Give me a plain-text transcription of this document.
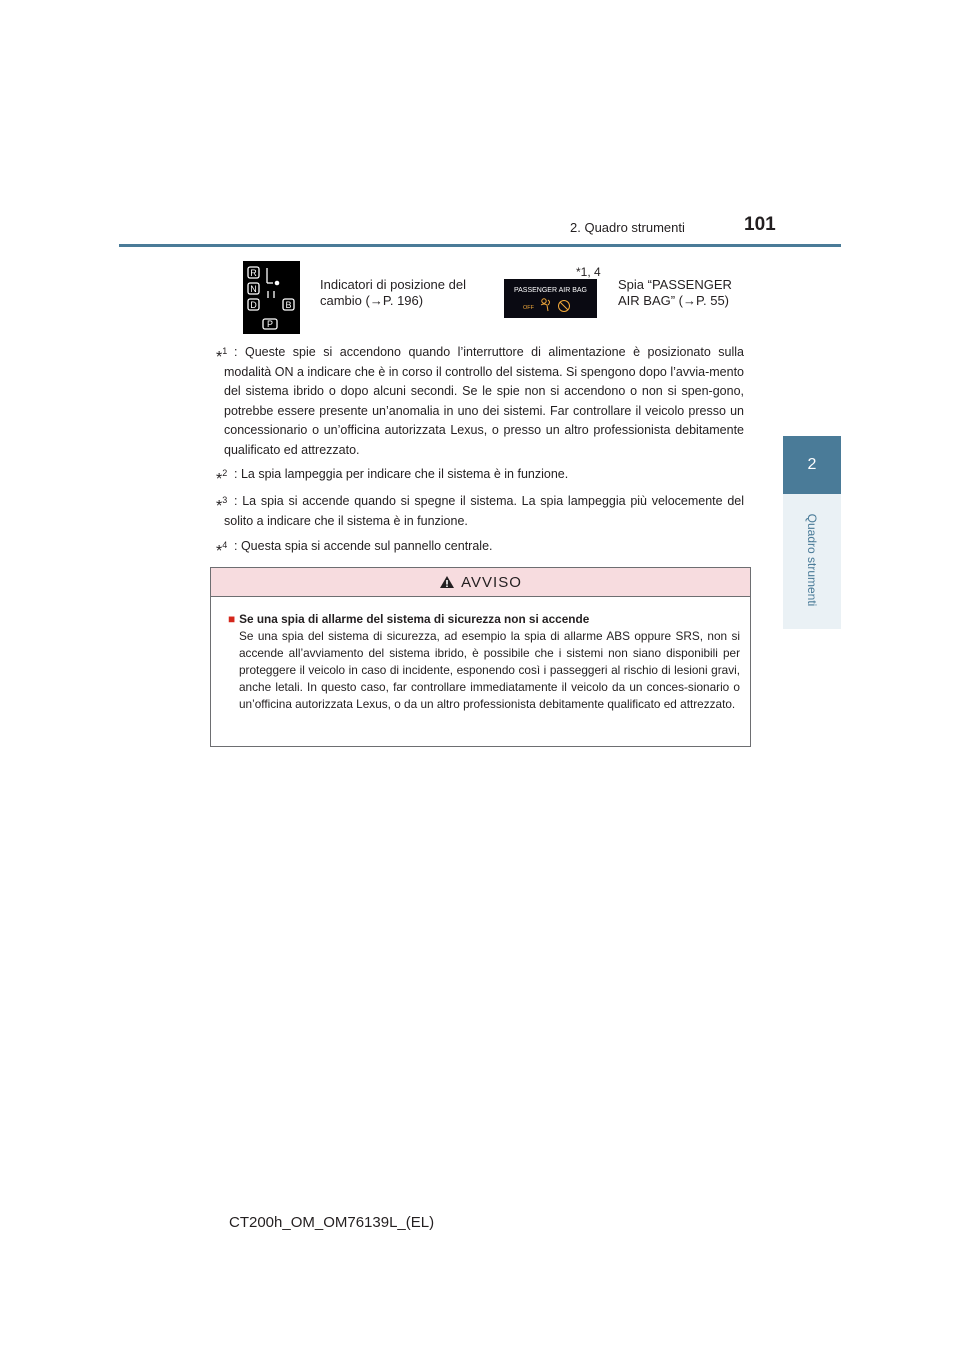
2. Quadro strumenti	101
2
Quadro strumenti
R
N
D	B
P
Indicatori di posizione del
cambio (→P. 196)
*1, 4
PASSENGER AIR BAG
OFF
Spia “PASSENGER
AIR BAG” (→P. 55)
*$^1$ : Queste spie si accendono quando l’interruttore di alimentazione è posizionato sulla modalità ON a indicare che è in corso il controllo del sistema. Si spengono dopo l’avvia-mento del sistema ibrido o dopo alcuni secondi. Se le spie non si accendono o non si spen-gono, potrebbe essere presente un’anomalia in uno dei sistemi. Far controllare il veicolo presso un concessionario o un’officina autorizzata Lexus, o presso un altro professionista debitamente qualificato ed attrezzato.
*$^2$ : La spia lampeggia per indicare che il sistema è in funzione.
*$^3$ : La spia si accende quando si spegne il sistema. La spia lampeggia più velocemente del solito a indicare che il sistema è in funzione.
*$^4$ : Questa spia si accende sul pannello centrale.
AVVISO
■ Se una spia di allarme del sistema di sicurezza non si accende
Se una spia del sistema di sicurezza, ad esempio la spia di allarme ABS oppure SRS, non si accende all’avviamento del sistema ibrido, è possibile che i sistemi non siano disponibili per proteggere il veicolo in caso di incidente, esponendo così i passeggeri al rischio di lesioni gravi, anche letali. In questo caso, far controllare immediatamente il veicolo da un conces-sionario o un’officina autorizzata Lexus, o da un altro professionista debitamente qualificato ed attrezzato.
CT200h_OM_OM76139L_(EL)
